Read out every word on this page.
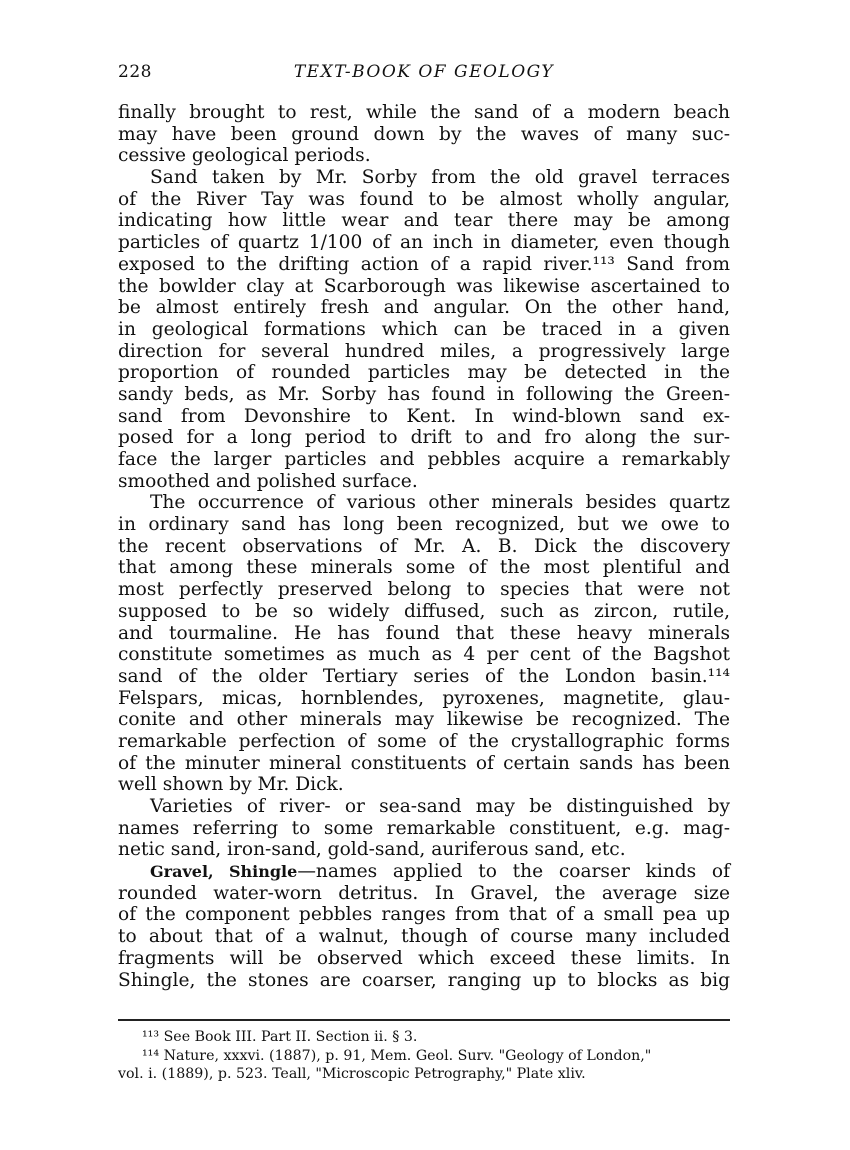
228	TEXT-BOOK OF GEOLOGY
finally brought to rest, while the sand of a modern beach
may have been ground down by the waves of many suc-
cessive geological periods.
Sand taken by Mr. Sorby from the old gravel terraces
of the River Tay was found to be almost wholly angular,
indicating how little wear and tear there may be among
particles of quartz 1/100 of an inch in diameter, even though
exposed to the drifting action of a rapid river.¹¹³ Sand from
the bowlder clay at Scarborough was likewise ascertained to
be almost entirely fresh and angular. On the other hand,
in geological formations which can be traced in a given
direction for several hundred miles, a progressively large
proportion of rounded particles may be detected in the
sandy beds, as Mr. Sorby has found in following the Green-
sand from Devonshire to Kent. In wind-blown sand ex-
posed for a long period to drift to and fro along the sur-
face the larger particles and pebbles acquire a remarkably
smoothed and polished surface.
The occurrence of various other minerals besides quartz
in ordinary sand has long been recognized, but we owe to
the recent observations of Mr. A. B. Dick the discovery
that among these minerals some of the most plentiful and
most perfectly preserved belong to species that were not
supposed to be so widely diffused, such as zircon, rutile,
and tourmaline. He has found that these heavy minerals
constitute sometimes as much as 4 per cent of the Bagshot
sand of the older Tertiary series of the London basin.¹¹⁴
Felspars, micas, hornblendes, pyroxenes, magnetite, glau-
conite and other minerals may likewise be recognized. The
remarkable perfection of some of the crystallographic forms
of the minuter mineral constituents of certain sands has been
well shown by Mr. Dick.
Varieties of river- or sea-sand may be distinguished by
names referring to some remarkable constituent, e.g. mag-
netic sand, iron-sand, gold-sand, auriferous sand, etc.
Gravel, Shingle—names applied to the coarser kinds of
rounded water-worn detritus. In Gravel, the average size
of the component pebbles ranges from that of a small pea up
to about that of a walnut, though of course many included
fragments will be observed which exceed these limits. In
Shingle, the stones are coarser, ranging up to blocks as big
¹¹³ See Book III. Part II. Section ii. § 3.
¹¹⁴ Nature, xxxvi. (1887), p. 91, Mem. Geol. Surv. "Geology of London,"
vol. i. (1889), p. 523. Teall, "Microscopic Petrography," Plate xliv.
